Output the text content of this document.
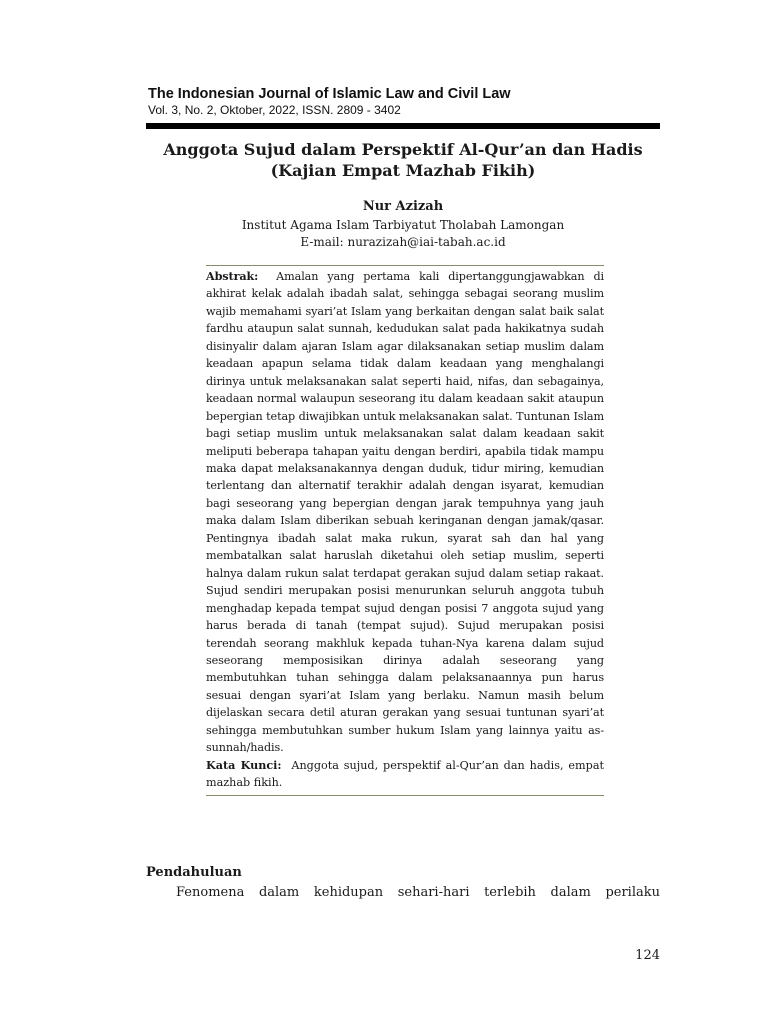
The Indonesian Journal of Islamic Law and Civil Law
Vol. 3, No. 2, Oktober, 2022, ISSN. 2809 - 3402
Anggota Sujud dalam Perspektif Al-Qur’an dan Hadis
(Kajian Empat Mazhab Fikih)
Nur Azizah
Institut Agama Islam Tarbiyatut Tholabah Lamongan
E-mail: nurazizah@iai-tabah.ac.id

Abstrak: Amalan yang pertama kali dipertanggungjawabkan di akhirat kelak adalah ibadah salat, sehingga sebagai seorang muslim wajib memahami syari’at Islam yang berkaitan dengan salat baik salat fardhu ataupun salat sunnah, kedudukan salat pada hakikatnya sudah disinyalir dalam ajaran Islam agar dilaksanakan setiap muslim dalam keadaan apapun selama tidak dalam keadaan yang menghalangi dirinya untuk melaksanakan salat seperti haid, nifas, dan sebagainya, keadaan normal walaupun seseorang itu dalam keadaan sakit ataupun bepergian tetap diwajibkan untuk melaksanakan salat. Tuntunan Islam bagi setiap muslim untuk melaksanakan salat dalam keadaan sakit meliputi beberapa tahapan yaitu dengan berdiri, apabila tidak mampu maka dapat melaksanakannya dengan duduk, tidur miring, kemudian terlentang dan alternatif terakhir adalah dengan isyarat, kemudian bagi seseorang yang bepergian dengan jarak tempuhnya yang jauh maka dalam Islam diberikan sebuah keringanan dengan jamak/qasar. Pentingnya ibadah salat maka rukun, syarat sah dan hal yang membatalkan salat haruslah diketahui oleh setiap muslim, seperti halnya dalam rukun salat terdapat gerakan sujud dalam setiap rakaat. Sujud sendiri merupakan posisi menurunkan seluruh anggota tubuh menghadap kepada tempat sujud dengan posisi 7 anggota sujud yang harus berada di tanah (tempat sujud). Sujud merupakan posisi terendah seorang makhluk kepada tuhan-Nya karena dalam sujud seseorang memposisikan dirinya adalah seseorang yang membutuhkan tuhan sehingga dalam pelaksanaannya pun harus sesuai dengan syari’at Islam yang berlaku. Namun masih belum dijelaskan secara detil aturan gerakan yang sesuai tuntunan syari’at sehingga membutuhkan sumber hukum Islam yang lainnya yaitu as-sunnah/hadis.

Kata Kunci: Anggota sujud, perspektif al-Qur’an dan hadis, empat mazhab fikih.

Pendahuluan
Fenomena dalam kehidupan sehari-hari terlebih dalam perilaku
124
